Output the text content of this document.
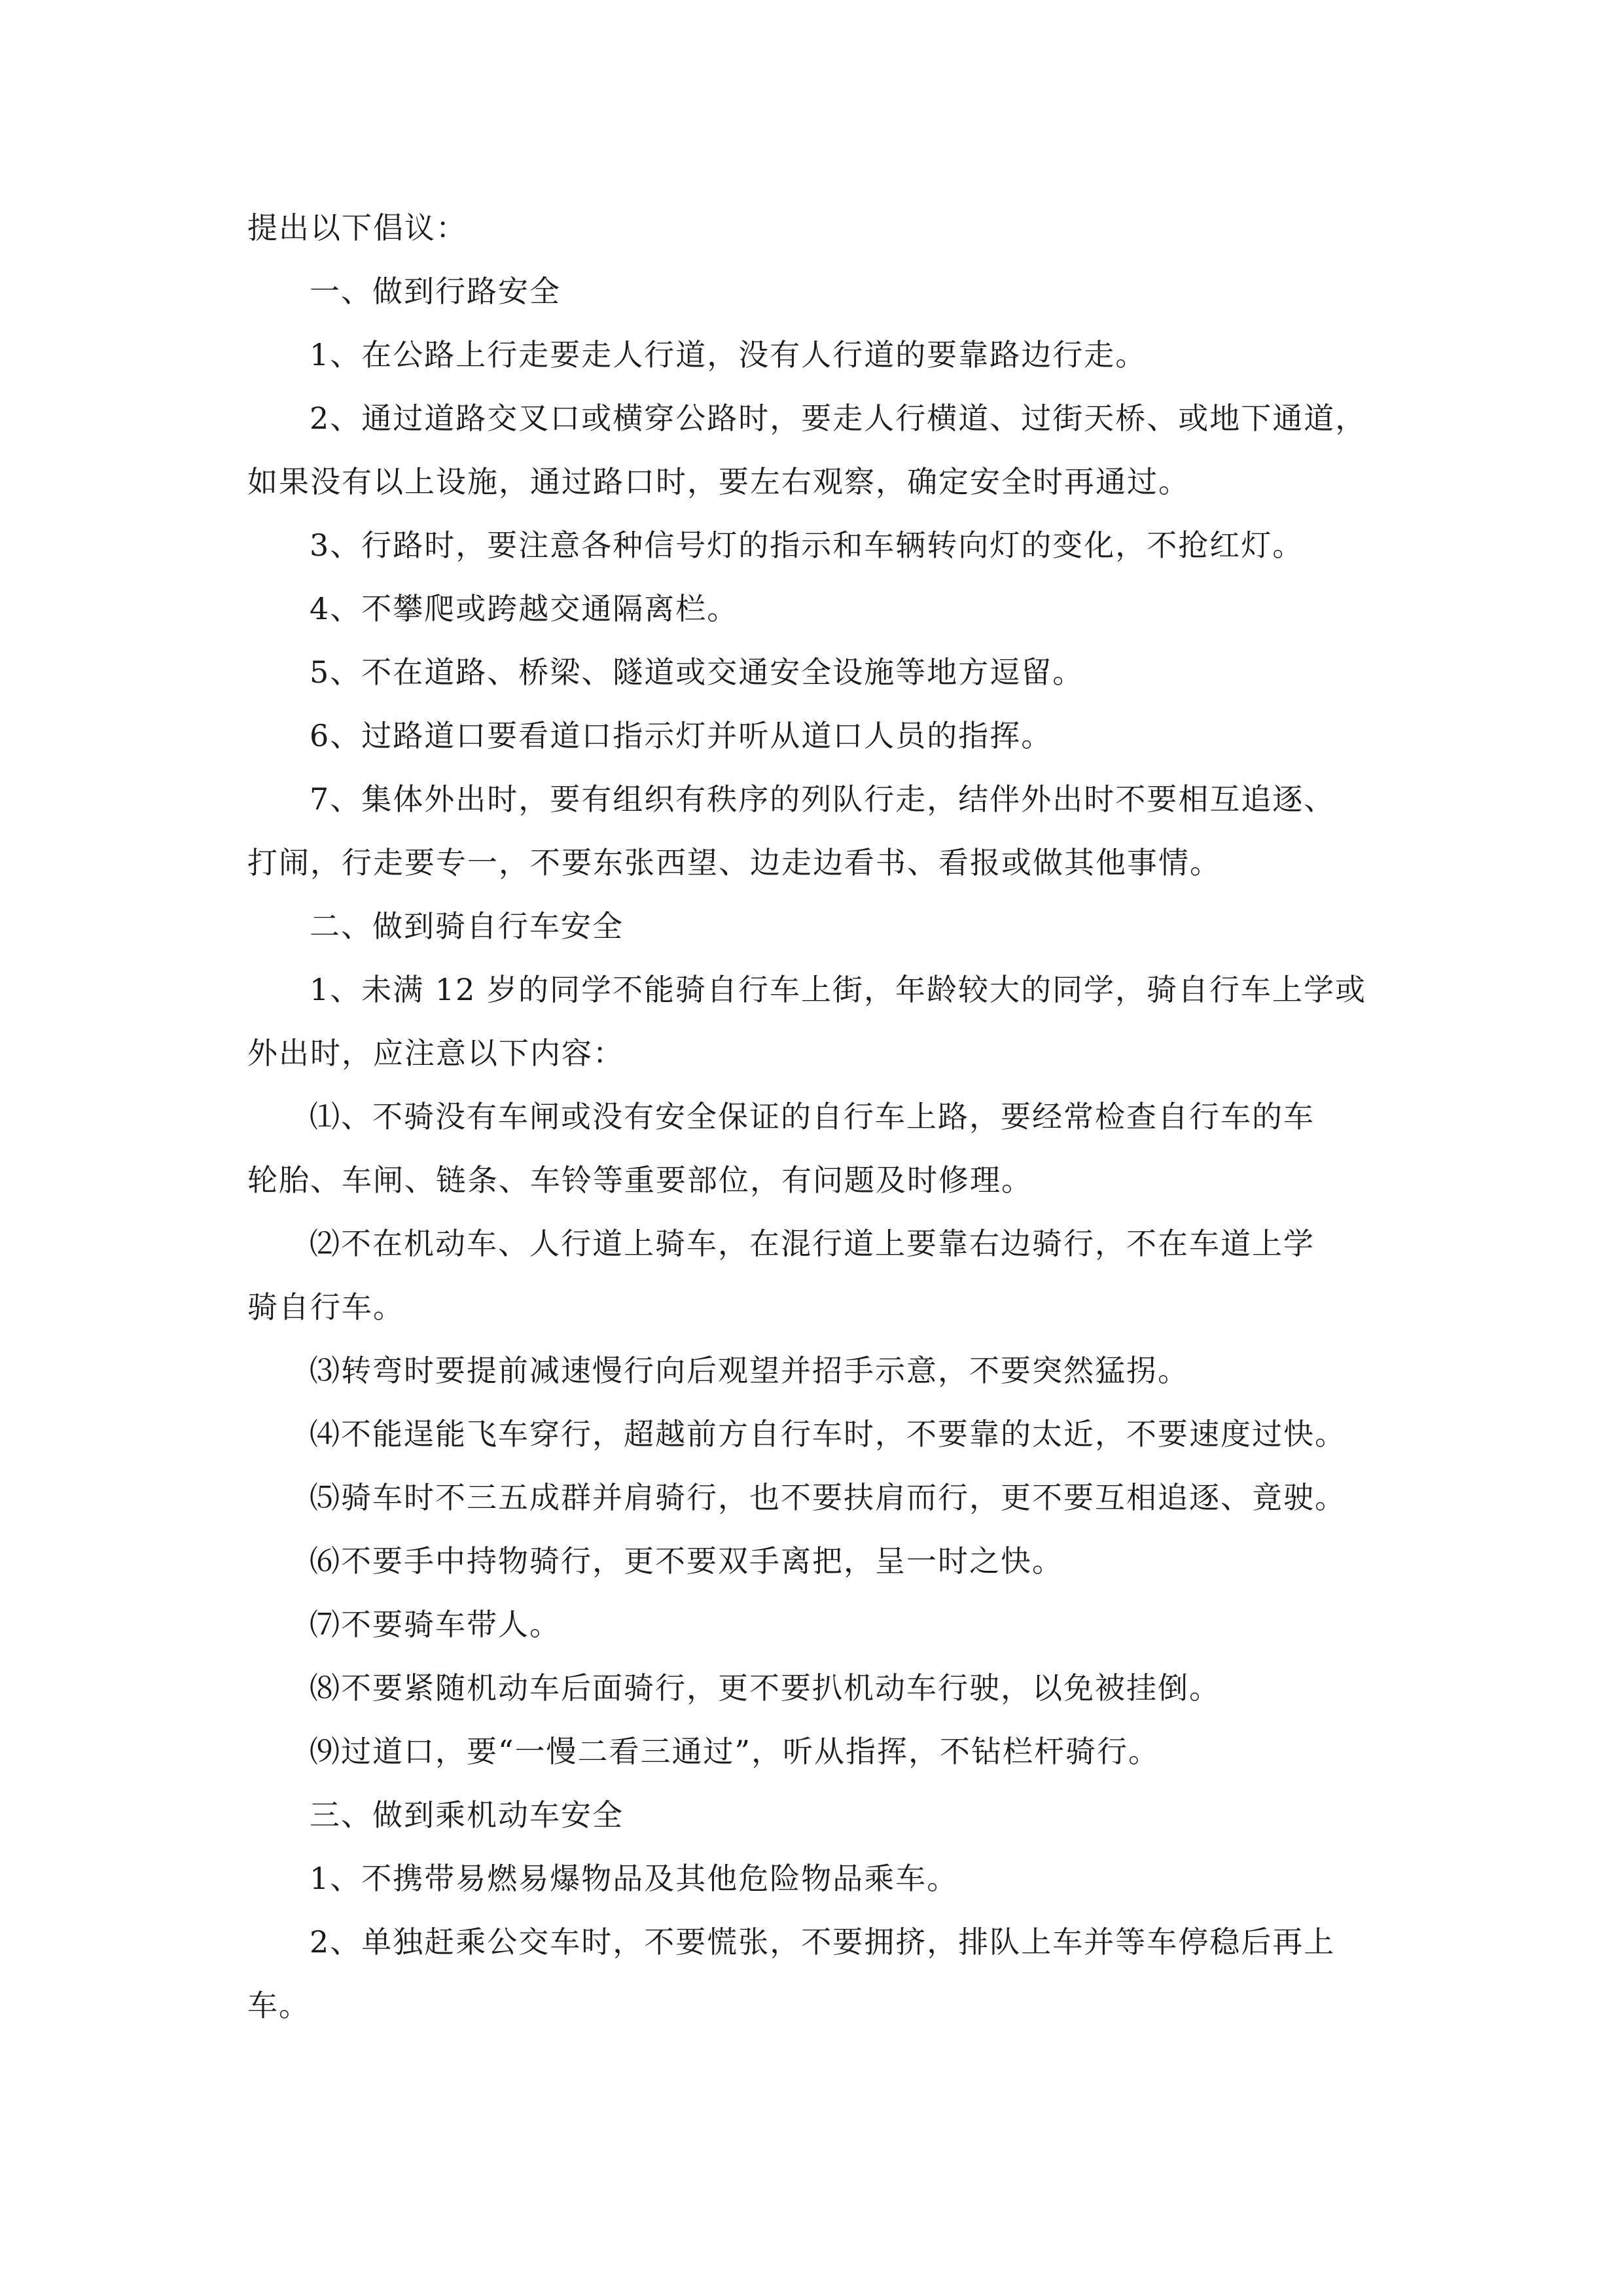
提出以下倡议：
一、做到行路安全
1、在公路上行走要走人行道，没有人行道的要靠路边行走。
2、通过道路交叉口或横穿公路时，要走人行横道、过街天桥、或地下通道，
如果没有以上设施，通过路口时，要左右观察，确定安全时再通过。
3、行路时，要注意各种信号灯的指示和车辆转向灯的变化，不抢红灯。
4、不攀爬或跨越交通隔离栏。
5、不在道路、桥梁、隧道或交通安全设施等地方逗留。
6、过路道口要看道口指示灯并听从道口人员的指挥。
7、集体外出时，要有组织有秩序的列队行走，结伴外出时不要相互追逐、
打闹，行走要专一，不要东张西望、边走边看书、看报或做其他事情。
二、做到骑自行车安全
1、未满 12 岁的同学不能骑自行车上街，年龄较大的同学，骑自行车上学或
外出时，应注意以下内容：
⑴、不骑没有车闸或没有安全保证的自行车上路，要经常检查自行车的车
轮胎、车闸、链条、车铃等重要部位，有问题及时修理。
⑵不在机动车、人行道上骑车，在混行道上要靠右边骑行，不在车道上学
骑自行车。
⑶转弯时要提前减速慢行向后观望并招手示意，不要突然猛拐。
⑷不能逞能飞车穿行，超越前方自行车时，不要靠的太近，不要速度过快。
⑸骑车时不三五成群并肩骑行，也不要扶肩而行，更不要互相追逐、竟驶。
⑹不要手中持物骑行，更不要双手离把，呈一时之快。
⑺不要骑车带人。
⑻不要紧随机动车后面骑行，更不要扒机动车行驶，以免被挂倒。
⑼过道口，要“一慢二看三通过”，听从指挥，不钻栏杆骑行。
三、做到乘机动车安全
1、不携带易燃易爆物品及其他危险物品乘车。
2、单独赶乘公交车时，不要慌张，不要拥挤，排队上车并等车停稳后再上
车。
